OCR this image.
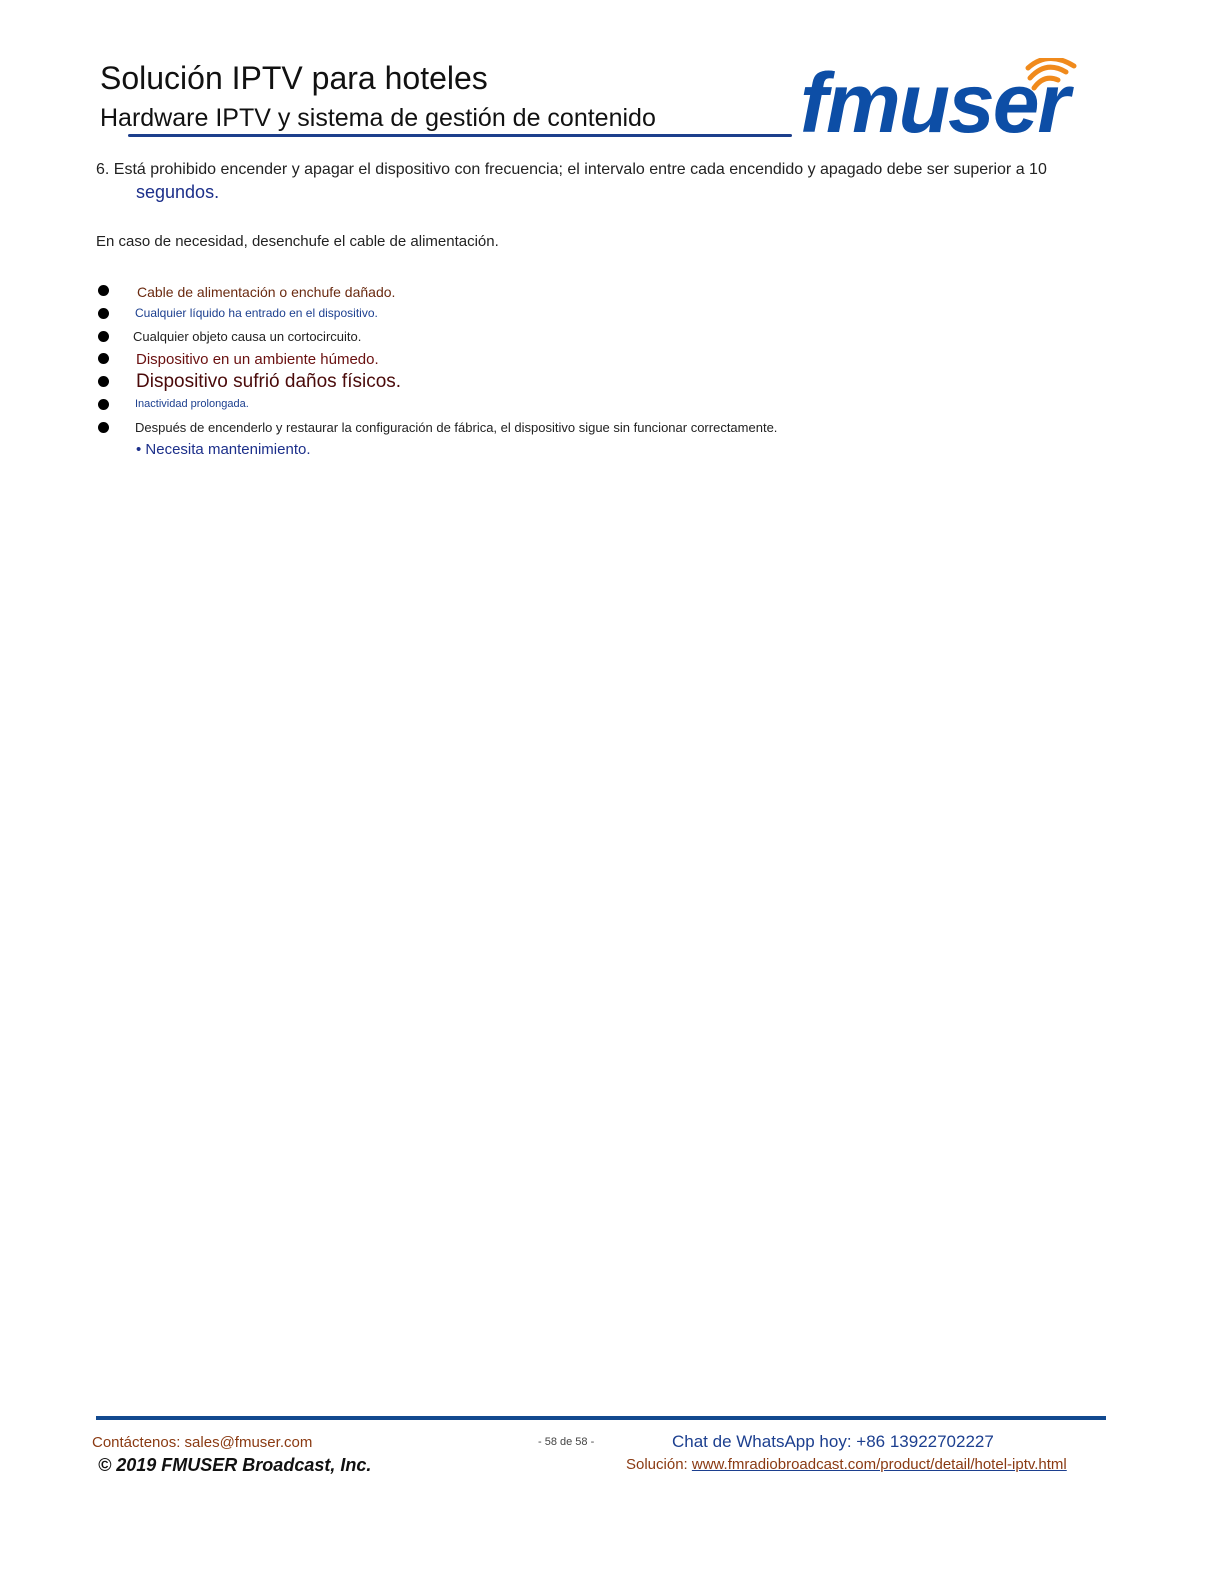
Solución IPTV para hoteles
Hardware IPTV y sistema de gestión de contenido fmuser
6. Está prohibido encender y apagar el dispositivo con frecuencia; el intervalo entre cada encendido y apagado debe ser superior a 10
segundos.
En caso de necesidad, desenchufe el cable de alimentación.
Cable de alimentación o enchufe dañado.
Cualquier líquido ha entrado en el dispositivo.
Cualquier objeto causa un cortocircuito.
Dispositivo en un ambiente húmedo.
Dispositivo sufrió daños físicos.
Inactividad prolongada.
Después de encenderlo y restaurar la configuración de fábrica, el dispositivo sigue sin funcionar correctamente.
• Necesita mantenimiento.
Contáctenos: sales@fmuser.com
© 2019 FMUSER Broadcast, Inc.
- 58 de 58 -	Chat de WhatsApp hoy: +86 13922702227
Solución: www.fmradiobroadcast.com/product/detail/hotel-iptv.html
